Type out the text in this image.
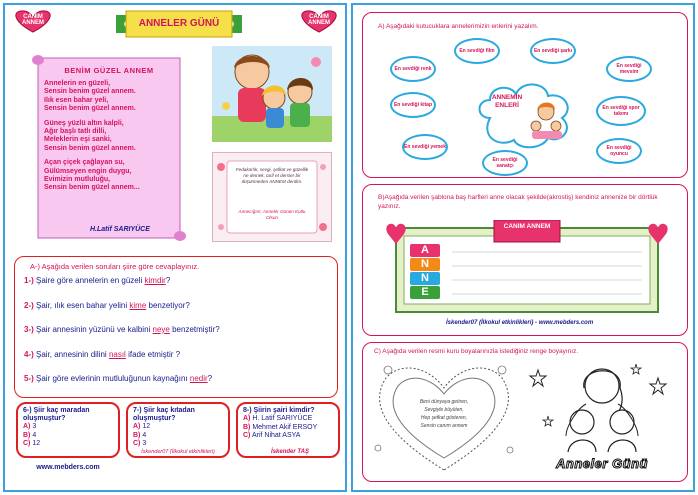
CANIM ANNEM	ANNELER GÜNÜ
CANIM ANNEM
BENİM GÜZEL ANNEM
Annelerin en güzeli,
Sensin benim güzel annem.
Ilık esen bahar yeli,
Sensin benim güzel annem.

Güneş yüzlü altın kalpli,
Ağır başlı tatlı dilli,
Meleklerin eşi sanki,
Sensin benim güzel annem.

Açan çiçek çağlayan su,
Gülümseyen engin duygu,
Evimizin mutluluğu,
Sensin benim güzel annem...
H.Latif SARIYÜCE
Fedakarlık, sevgi, şefkat ve güzellik ne demek, tarif et dersler bir düşünmeden ANNEM derdim.
Annecığım; Anneler Günün Kutlu Olsun
A-) Aşağıda verilen soruları şiire göre cevaplayınız.
1-) Şaire göre annelerin en güzeli kimdir?
2-) Şair, ılık esen bahar yelini kime benzetiyor?
3-) Şair annesinin yüzünü ve kalbini neye benzetmiştir?
4-) Şair, annesinin dilini nasıl ifade etmiştir ?
5-) Şair göre evlerinin mutluluğunun kaynağını nedir?
6-) Şiir kaç maradan oluşmuştur?
A) 3
B) 4
C) 12
7-) Şiir kaç kıtadan oluşmuştur?
A) 12
B) 4
C) 3
8-) Şiirin şairi kimdir?
A) H. Latif SARIYÜCE
B) Mehmet Akif ERSOY
C) Arif Nihat ASYA
www.mebders.com
İskender07 (İlkokul etkinlikleri)	İskender TAŞ
A) Aşağıdaki kutucuklara annelerimizin enlerini yazalım.
ANNEMİN ENLERİ
En sevdiği film	En sevdiği şarkı
En sevdiği renk	En sevdiği mevsim
En sevdiği kitap	En sevdiği spor takımı
En sevdiği yemek	En sevdiği oyuncu
En sevdiği sanatçı
B)Aşağıda verilen şablona baş harfleri anne olacak şekilde(akrostiş) kendiniz annenize bir dörtlük yazınız.
CANIM ANNEM
A
N
N
E
İskender07 (İlkokul etkinlikleri) - www.mebders.com
C) Aşağıda verilen resmi kuru boyalarınızla istediğiniz renge boyayınız.
Beni dünyaya getiren,
Sevgiyle büyüten,
Hep şefkat gösteren,
Sensin canım annem
Anneler Günü
